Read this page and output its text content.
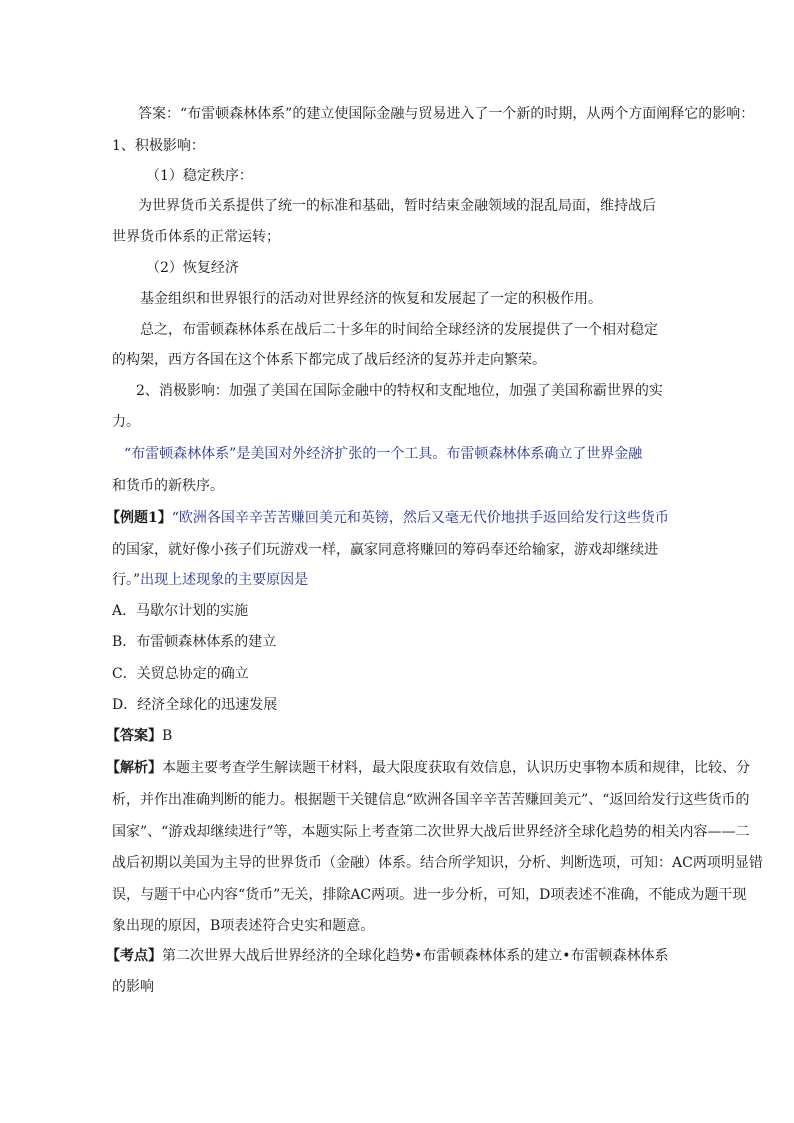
答案：“布雷顿森林体系”的建立使国际金融与贸易进入了一个新的时期，从两个方面阐释它的影响：
1、积极影响：
（1）稳定秩序：
为世界货币关系提供了统一的标准和基础，暂时结束金融领域的混乱局面，维持战后
世界货币体系的正常运转；
（2）恢复经济
基金组织和世界银行的活动对世界经济的恢复和发展起了一定的积极作用。
总之，布雷顿森林体系在战后二十多年的时间给全球经济的发展提供了一个相对稳定
的构架，西方各国在这个体系下都完成了战后经济的复苏并走向繁荣。
2、消极影响：加强了美国在国际金融中的特权和支配地位，加强了美国称霸世界的实
力。
“布雷顿森林体系”是美国对外经济扩张的一个工具。布雷顿森林体系确立了世界金融
和货币的新秩序。
【例题1】“欧洲各国辛辛苦苦赚回美元和英镑，然后又毫无代价地拱手返回给发行这些货币
的国家，就好像小孩子们玩游戏一样，赢家同意将赚回的筹码奉还给输家，游戏却继续进
行。”出现上述现象的主要原因是
A．马歇尔计划的实施
B．布雷顿森林体系的建立
C．关贸总协定的确立
D．经济全球化的迅速发展
【答案】B
【解析】本题主要考查学生解读题干材料，最大限度获取有效信息，认识历史事物本质和规律，比较、分
析，并作出准确判断的能力。根据题干关键信息“欧洲各国辛辛苦苦赚回美元”、“返回给发行这些货币的
国家”、“游戏却继续进行”等，本题实际上考查第二次世界大战后世界经济全球化趋势的相关内容——二
战后初期以美国为主导的世界货币（金融）体系。结合所学知识，分析、判断选项，可知：AC两项明显错
误，与题干中心内容“货币”无关，排除AC两项。进一步分析，可知，D项表述不准确，不能成为题干现
象出现的原因，B项表述符合史实和题意。
【考点】第二次世界大战后世界经济的全球化趋势•布雷顿森林体系的建立•布雷顿森林体系
的影响
